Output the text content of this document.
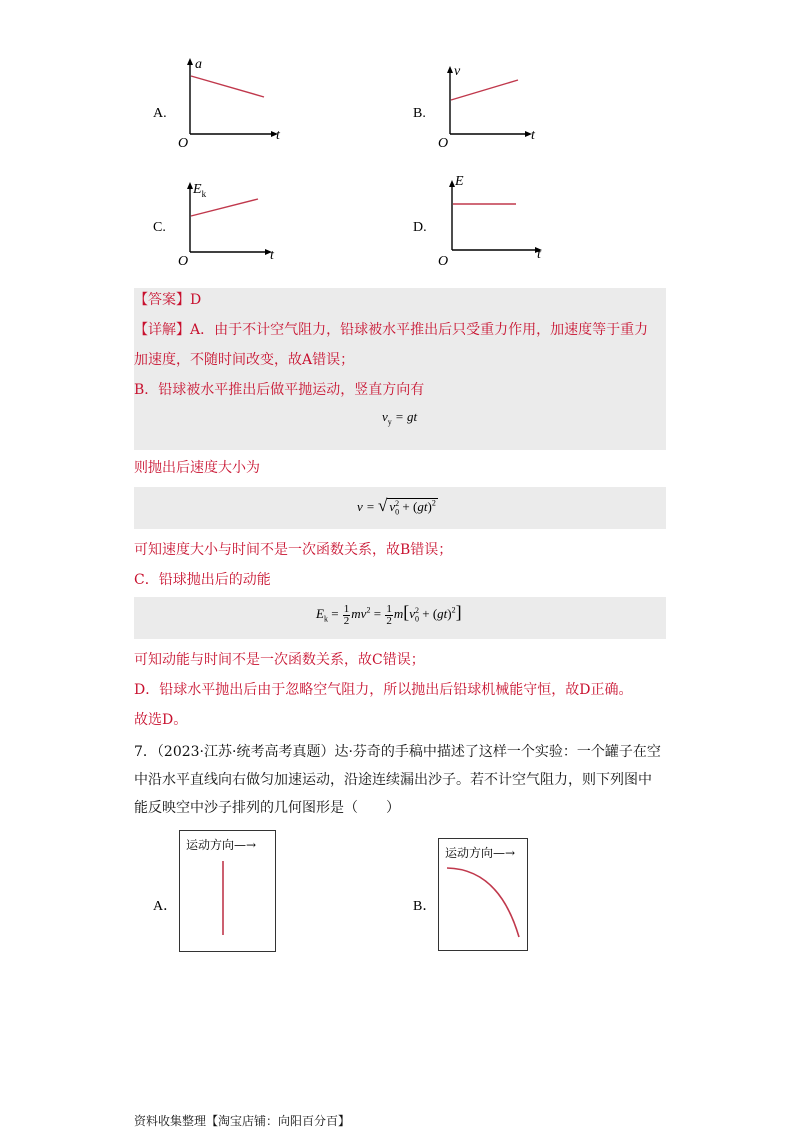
A.
a
t
O
B.
v
t
O
C.
$E_k$
t
O
D.
E
t
O
【答案】D
【详解】A．由于不计空气阻力，铅球被水平推出后只受重力作用，加速度等于重力
加速度，不随时间改变，故A错误；
B．铅球被水平推出后做平抛运动，竖直方向有
$v_y$ = gt
则抛出后速度大小为
v = √ $v_0^2 + (gt)^2$
可知速度大小与时间不是一次函数关系，故B错误；
C．铅球抛出后的动能
$E_k = \frac{1}{2} mv^2 = \frac{1}{2} m[v_0^2 + (gt)^2]$
可知动能与时间不是一次函数关系，故C错误；
D．铅球水平抛出后由于忽略空气阻力，所以抛出后铅球机械能守恒，故D正确。
故选D。
7．（2023·江苏·统考高考真题）达·芬奇的手稿中描述了这样一个实验：一个罐子在空
中沿水平直线向右做匀加速运动，沿途连续漏出沙子。若不计空气阻力，则下列图中
能反映空中沙子排列的几何图形是（　　）
A．
运动方向—→
B．
运动方向—→
资料收集整理【淘宝店铺：向阳百分百】
